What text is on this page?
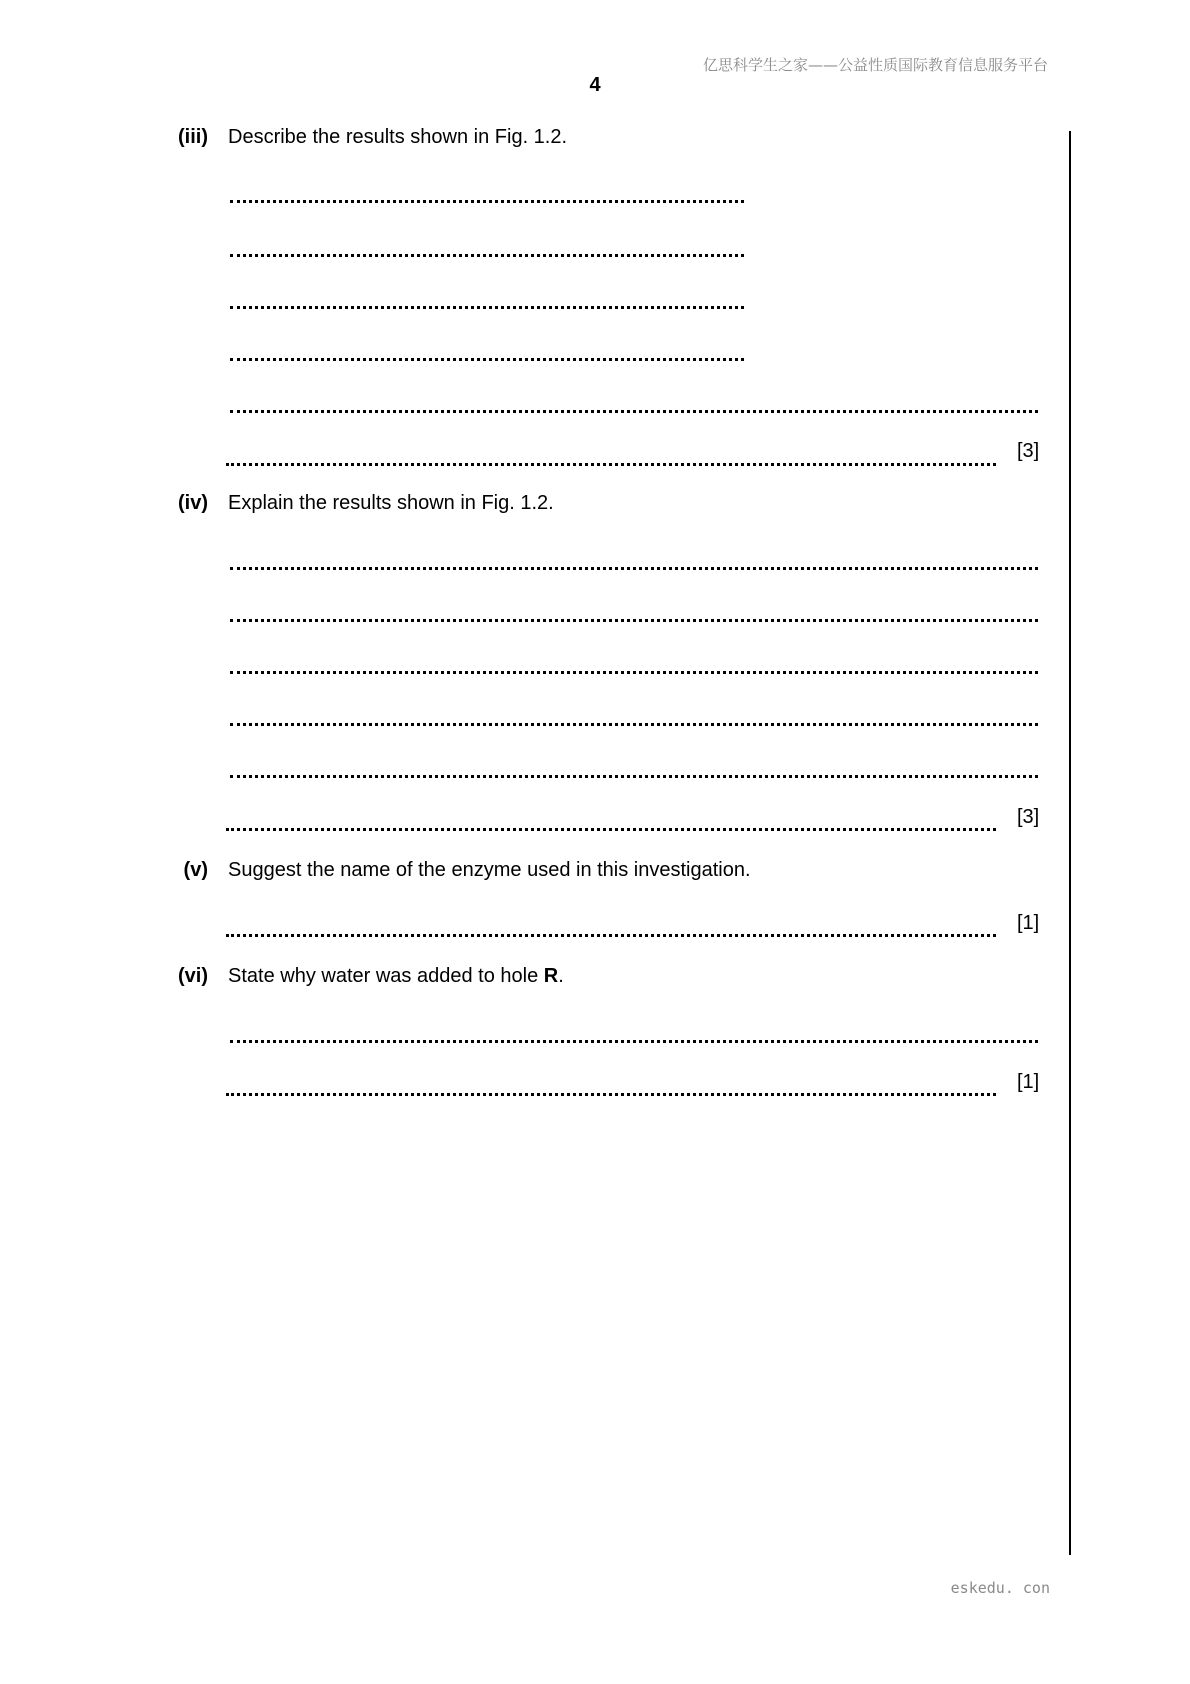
亿思科学生之家——公益性质国际教育信息服务平台
4
(iii) Describe the results shown in Fig. 1.2.
[3]
(iv) Explain the results shown in Fig. 1.2.
[3]
(v) Suggest the name of the enzyme used in this investigation.
[1]
(vi) State why water was added to hole R.
[1]
eskedu. con
